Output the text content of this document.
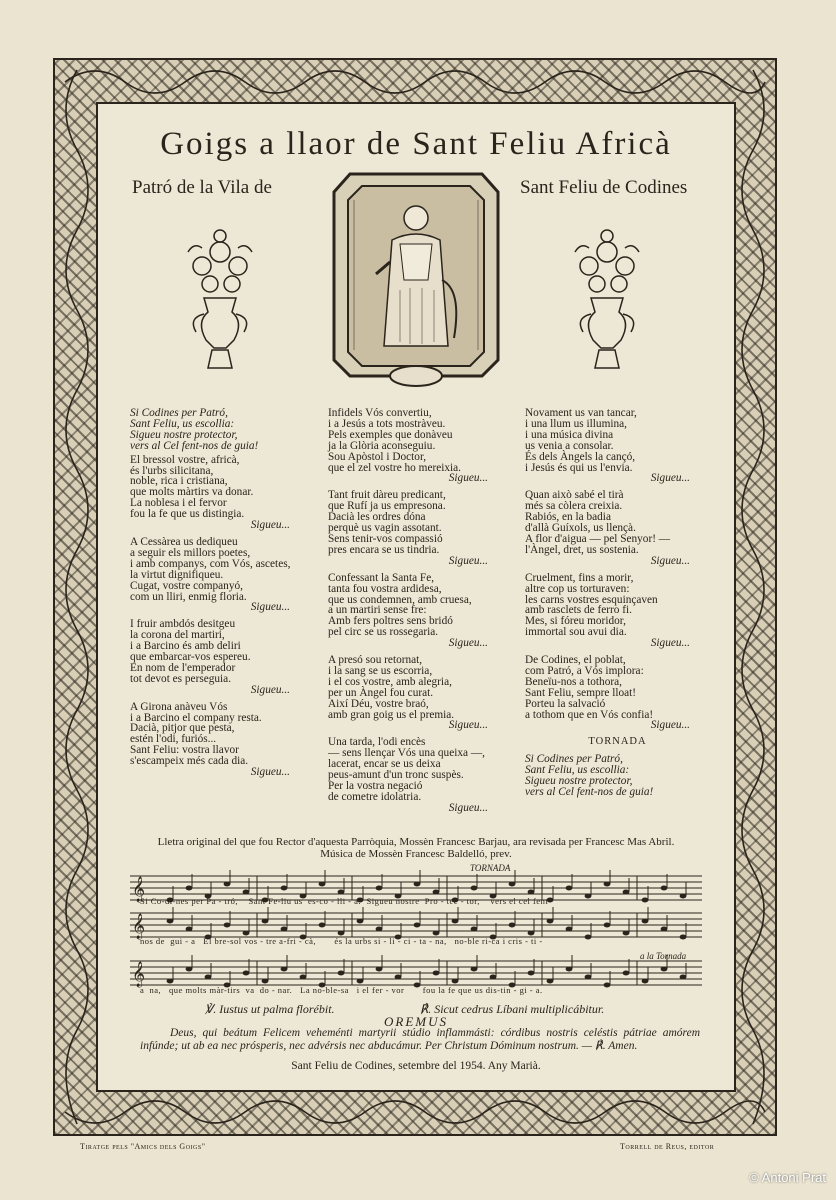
Goigs a llaor de Sant Feliu Africà
Patró de la Vila de	Sant Feliu de Codines
Si Codines per Patró,
Sant Feliu, us escollia:
Sigueu nostre protector,
vers al Cel fent-nos de guia!
El bressol vostre, africà,
és l'urbs silicitana,
noble, rica i cristiana,
que molts màrtirs va donar.
La noblesa i el fervor
fou la fe que us distingia.
Sigueu...
A Cessàrea us dediqueu
a seguir els millors poetes,
i amb companys, com Vós, ascetes,
la virtut dignifiqueu.
Cugat, vostre companyó,
com un lliri, enmig floria.
Sigueu...
I fruir ambdós desitgeu
la corona del martiri,
i a Barcino és amb deliri
que embarcar-vos espereu.
En nom de l'emperador
tot devot es perseguia.
Sigueu...
A Girona anàveu Vós
i a Barcino el company resta.
Dacià, pitjor que pesta,
estén l'odi, furiós...
Sant Feliu: vostra llavor
s'escampeix més cada dia.
Sigueu...
Infidels Vós convertiu,
i a Jesús a tots mostràveu.
Pels exemples que donàveu
ja la Glòria aconseguiu.
Sou Apòstol i Doctor,
que el zel vostre ho mereixia.
Sigueu...
Tant fruit dàreu predicant,
que Rufí ja us empresona.
Dacià les ordres dóna
perquè us vagin assotant.
Sens tenir-vos compassió
pres encara se us tindria.
Sigueu...
Confessant la Santa Fe,
tanta fou vostra ardidesa,
que us condemnen, amb cruesa,
a un martiri sense fre:
Amb fers poltres sens bridó
pel circ se us rossegaria.
Sigueu...
A presó sou retornat,
i la sang se us escorria,
i el cos vostre, amb alegria,
per un Àngel fou curat.
Així Déu, vostre braó,
amb gran goig us el premia.
Sigueu...
Una tarda, l'odi encès
— sens llençar Vós una queixa —,
lacerat, encar se us deixa
peus-amunt d'un tronc suspès.
Per la vostra negació
de cometre idolatria.
Sigueu...
Novament us van tancar,
i una llum us illumina,
i una música divina
us venia a consolar.
És dels Àngels la cançó,
i Jesús és qui us l'envia.
Sigueu...
Quan això sabé el tirà
més sa còlera creixia.
Rabiós, en la badia
d'allà Guíxols, us llençà.
A flor d'aigua — pel Senyor! —
l'Àngel, dret, us sostenia.
Sigueu...
Cruelment, fins a morir,
altre cop us torturaven:
les carns vostres esquinçaven
amb rasclets de ferro fi.
Mes, si fóreu moridor,
immortal sou avui dia.
Sigueu...
De Codines, el poblat,
com Patró, a Vós implora:
Beneïu-nos a tothora,
Sant Feliu, sempre lloat!
Porteu la salvació
a tothom que en Vós confia!
Sigueu...
TORNADA
Si Codines per Patró,
Sant Feliu, us escollia:
Sigueu nostre protector,
vers al Cel fent-nos de guia!
Lletra original del que fou Rector d'aquesta Parròquia, Mossèn Francesc Barjau, ara revisada per Francesc Mas Abril.
Música de Mossèn Francesc Baldelló, prev.
TORNADA
𝄞
Si Co-di-nes per Pa - tró,    Sant Fe-liu us  es-co - lli - a:  Sigueu nostre  Pro - tec - tor,    vers el cel fent-
𝄞
nos de  gui - a   El bre-sol vos - tre a-fri - cà,       és la urbs si - li - ci - ta - na,   no-ble ri-ca i cris - ti -
a la Tornada
𝄞
a  na,   que molts màr-tirs  va  do - nar.   La no-ble-sa   i el fer - vor       fou la fe que us dis-tin - gi - a.
℣. Iustus ut palma florébit.	℟. Sicut cedrus Líbani multiplicábitur.
OREMUS
Deus, qui beátum Felicem veheménti martyrii stúdio inflammásti: córdibus nostris celéstis pátriae amórem infúnde; ut ab ea nec prósperis, nec advérsis nec abducámur. Per Christum Dóminum nostrum. — ℟. Amen.
Sant Feliu de Codines, setembre del 1954. Any Marià.
Tiratge pels "Amics dels Goigs"	Torrell de Reus, editor
© Antoni Prat
